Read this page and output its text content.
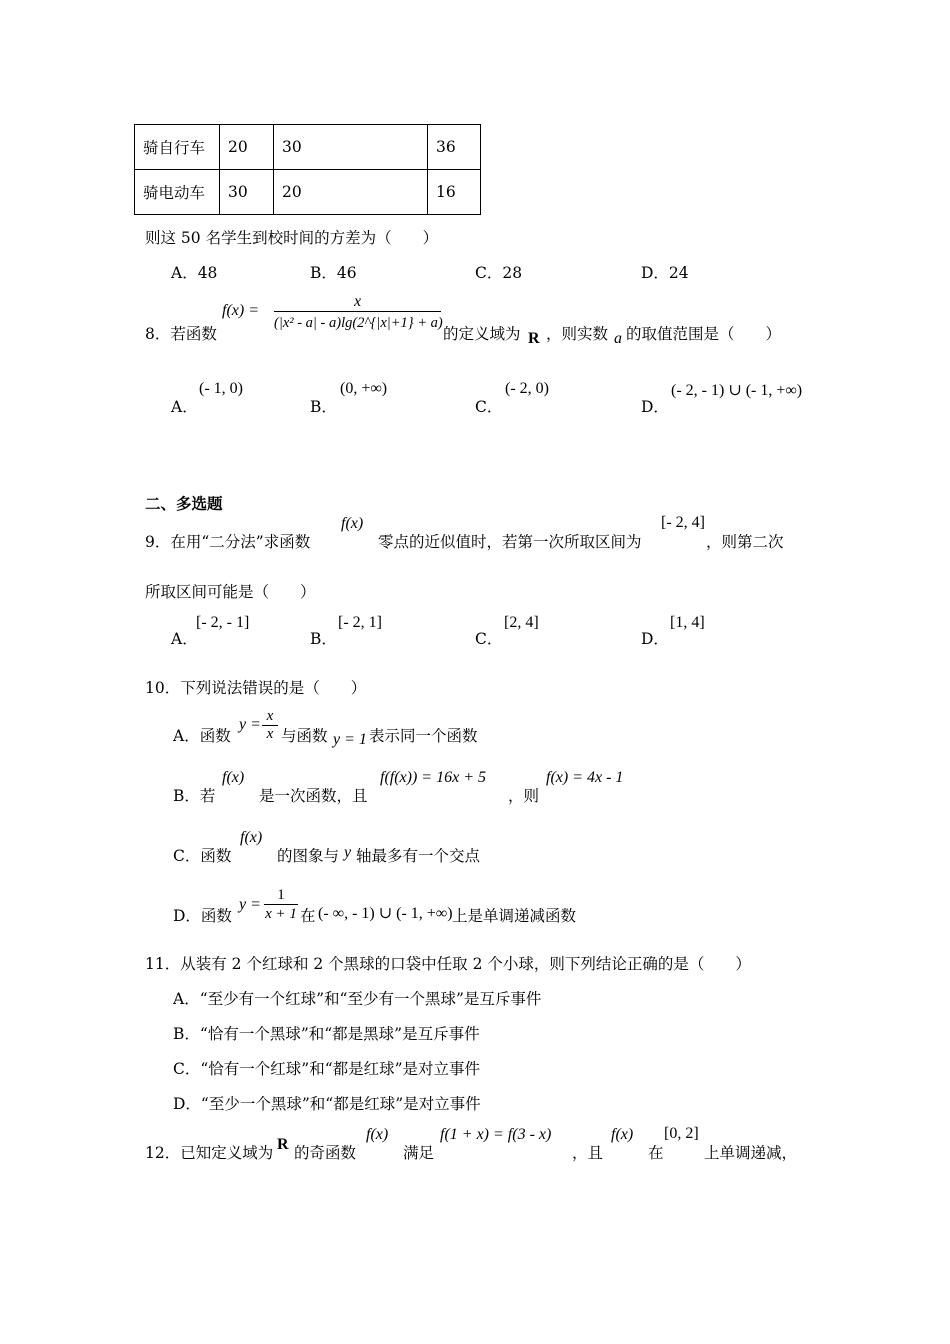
骑自行车	20	30	36
骑电动车	30	20	16
则这 50 名学生到校时间的方差为（　　）
A．48	B．46	C．28	D．24
8．若函数
$f(x) = \frac{x}{\text{(|x² - a| - a)lg(2\textasciicircum{}\{|x|+1\} + a)}}$ 的定义域为 R ，则实数 a 的取值范围是（　　）
A．
(- 1, 0)
B．
(0, +∞)
C．
(- 2, 0)
D．
(- 2, - 1) ∪ (- 1, +∞)
二、多选题
9．在用“二分法”求函数
f(x)
零点的近似值时，若第一次所取区间为
[- 2, 4]
，则第二次
所取区间可能是（　　）
A．
[- 2, - 1]
B．
[- 2, 1]
C．
[2, 4]
D．
[1, 4]
10．下列说法错误的是（　　）
A．函数
$y = \frac{x}{x}$ 与函数 y = 1 表示同一个函数
B．若
f(x)
是一次函数，且
f(f(x)) = 16x + 5
，则
f(x) = 4x - 1
C．函数
f(x)
的图象与 y 轴最多有一个交点
D．函数
$y = \frac{1}{x + 1}$ 在 (- ∞, - 1) ∪ (- 1, +∞) 上是单调递减函数
11．从装有 2 个红球和 2 个黑球的口袋中任取 2 个小球，则下列结论正确的是（　　）
A．“至少有一个红球”和“至少有一个黑球”是互斥事件
B．“恰有一个黑球”和“都是黑球”是互斥事件
C．“恰有一个红球”和“都是红球”是对立事件
D．“至少一个黑球”和“都是红球”是对立事件
12．已知定义域为 R 的奇函数
f(x)
满足
f(1 + x) = f(3 - x)
，且
f(x)
在
[0, 2]
上单调递减，
